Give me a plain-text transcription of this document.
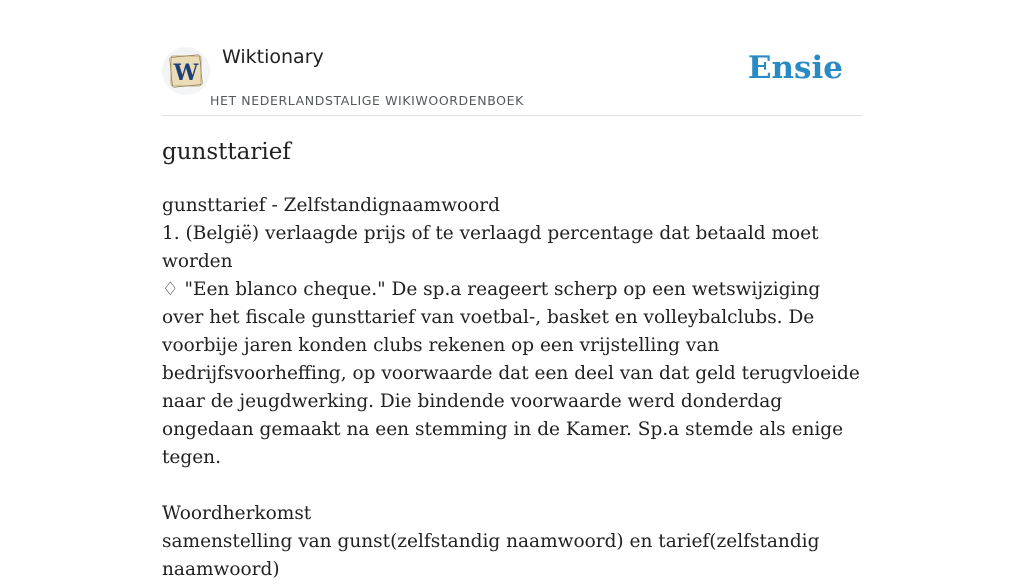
W
Wiktionary
HET NEDERLANDSTALIGE WIKIWOORDENBOEK
Ensie
gunsttarief

gunsttarief - Zelfstandignaamwoord

1. (België) verlaagde prijs of te verlaagd percentage dat betaald moet worden

♢ "Een blanco cheque." De sp.a reageert scherp op een wetswijziging over het fiscale gunsttarief van voetbal-, basket en volleybalclubs. De voorbije jaren konden clubs rekenen op een vrijstelling van bedrijfsvoorheffing, op voorwaarde dat een deel van dat geld terugvloeide naar de jeugdwerking. Die bindende voorwaarde werd donderdag ongedaan gemaakt na een stemming in de Kamer. Sp.a stemde als enige tegen.

Woordherkomst

samenstelling van gunst(zelfstandig naamwoord) en tarief(zelfstandig naamwoord)
